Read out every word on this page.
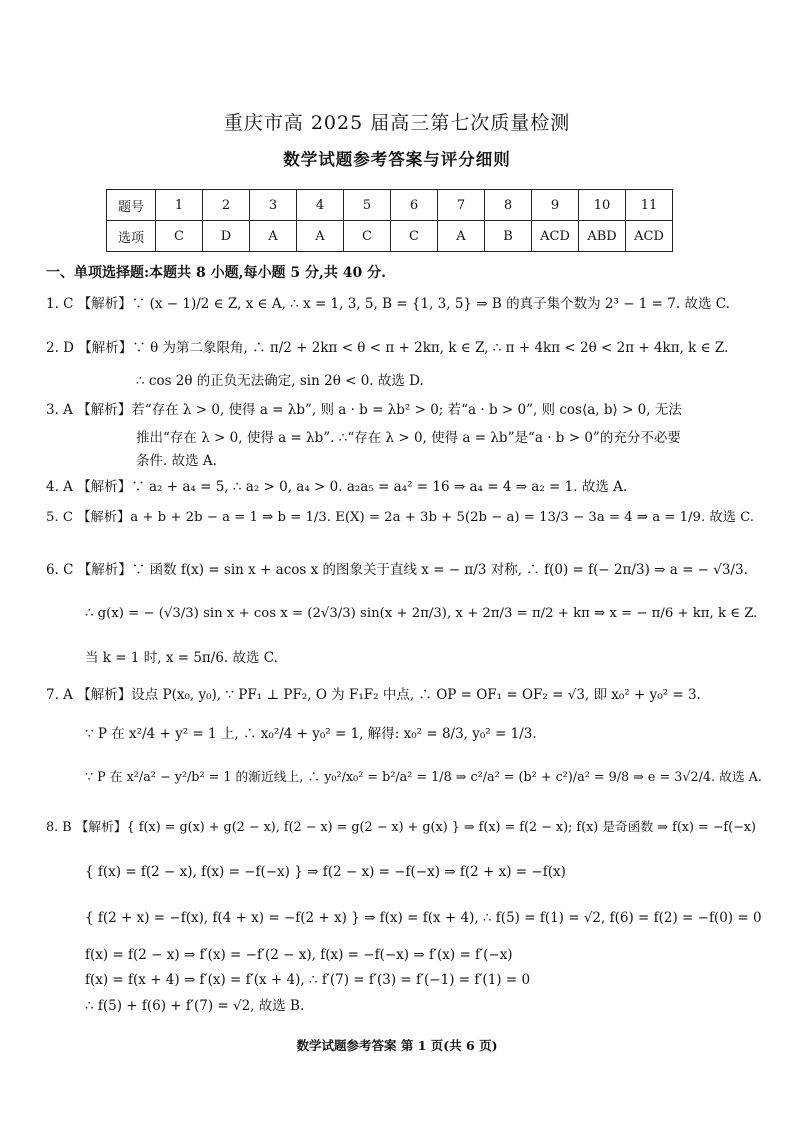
重庆市高 2025 届高三第七次质量检测
数学试题参考答案与评分细则
题号	1	2	3	4	5	6	7	8	9	10	11
选项	C	D	A	A	C	C	A	B	ACD	ABD	ACD
一、单项选择题:本题共 8 小题,每小题 5 分,共 40 分.
1. C 【解析】∵ (x − 1)/2 ∈ Z, x ∈ A, ∴ x = 1, 3, 5, B = {1, 3, 5} ⇒ B 的真子集个数为 2³ − 1 = 7. 故选 C.
2. D 【解析】∵ θ 为第二象限角, ∴ π/2 + 2kπ < θ < π + 2kπ, k ∈ Z, ∴ π + 4kπ < 2θ < 2π + 4kπ, k ∈ Z.
∴ cos 2θ 的正负无法确定, sin 2θ < 0. 故选 D.
3. A 【解析】若“存在 λ > 0, 使得 a = λb”, 则 a · b = λb² > 0; 若“a · b > 0”, 则 cos⟨a, b⟩ > 0, 无法
推出“存在 λ > 0, 使得 a = λb”. ∴“存在 λ > 0, 使得 a = λb”是“a · b > 0”的充分不必要
条件. 故选 A.
4. A 【解析】∵ a₂ + a₄ = 5, ∴ a₂ > 0, a₄ > 0. a₂a₅ = a₄² = 16 ⇒ a₄ = 4 ⇒ a₂ = 1. 故选 A.
5. C 【解析】a + b + 2b − a = 1 ⇒ b = 1/3. E(X) = 2a + 3b + 5(2b − a) = 13/3 − 3a = 4 ⇒ a = 1/9. 故选 C.
6. C 【解析】∵ 函数 f(x) = sin x + acos x 的图象关于直线 x = − π/3 对称, ∴ f(0) = f(− 2π/3) ⇒ a = − √3/3.
∴ g(x) = − (√3/3) sin x + cos x = (2√3/3) sin(x + 2π/3), x + 2π/3 = π/2 + kπ ⇒ x = − π/6 + kπ, k ∈ Z.
当 k = 1 时, x = 5π/6. 故选 C.
7. A 【解析】设点 P(x₀, y₀), ∵ PF₁ ⊥ PF₂, O 为 F₁F₂ 中点, ∴ OP = OF₁ = OF₂ = √3, 即 x₀² + y₀² = 3.
∵ P 在 x²/4 + y² = 1 上, ∴ x₀²/4 + y₀² = 1, 解得: x₀² = 8/3, y₀² = 1/3.
∵ P 在 x²/a² − y²/b² = 1 的渐近线上, ∴ y₀²/x₀² = b²/a² = 1/8 ⇒ c²/a² = (b² + c²)/a² = 9/8 ⇒ e = 3√2/4. 故选 A.
8. B 【解析】{ f(x) = g(x) + g(2 − x), f(2 − x) = g(2 − x) + g(x) } ⇒ f(x) = f(2 − x); f(x) 是奇函数 ⇒ f(x) = −f(−x)
{ f(x) = f(2 − x), f(x) = −f(−x) } ⇒ f(2 − x) = −f(−x) ⇒ f(2 + x) = −f(x)
{ f(2 + x) = −f(x), f(4 + x) = −f(2 + x) } ⇒ f(x) = f(x + 4), ∴ f(5) = f(1) = √2, f(6) = f(2) = −f(0) = 0
f(x) = f(2 − x) ⇒ f′(x) = −f′(2 − x), f(x) = −f(−x) ⇒ f′(x) = f′(−x)
f(x) = f(x + 4) ⇒ f′(x) = f′(x + 4), ∴ f′(7) = f′(3) = f′(−1) = f′(1) = 0
∴ f(5) + f(6) + f′(7) = √2, 故选 B.
数学试题参考答案 第 1 页(共 6 页)
